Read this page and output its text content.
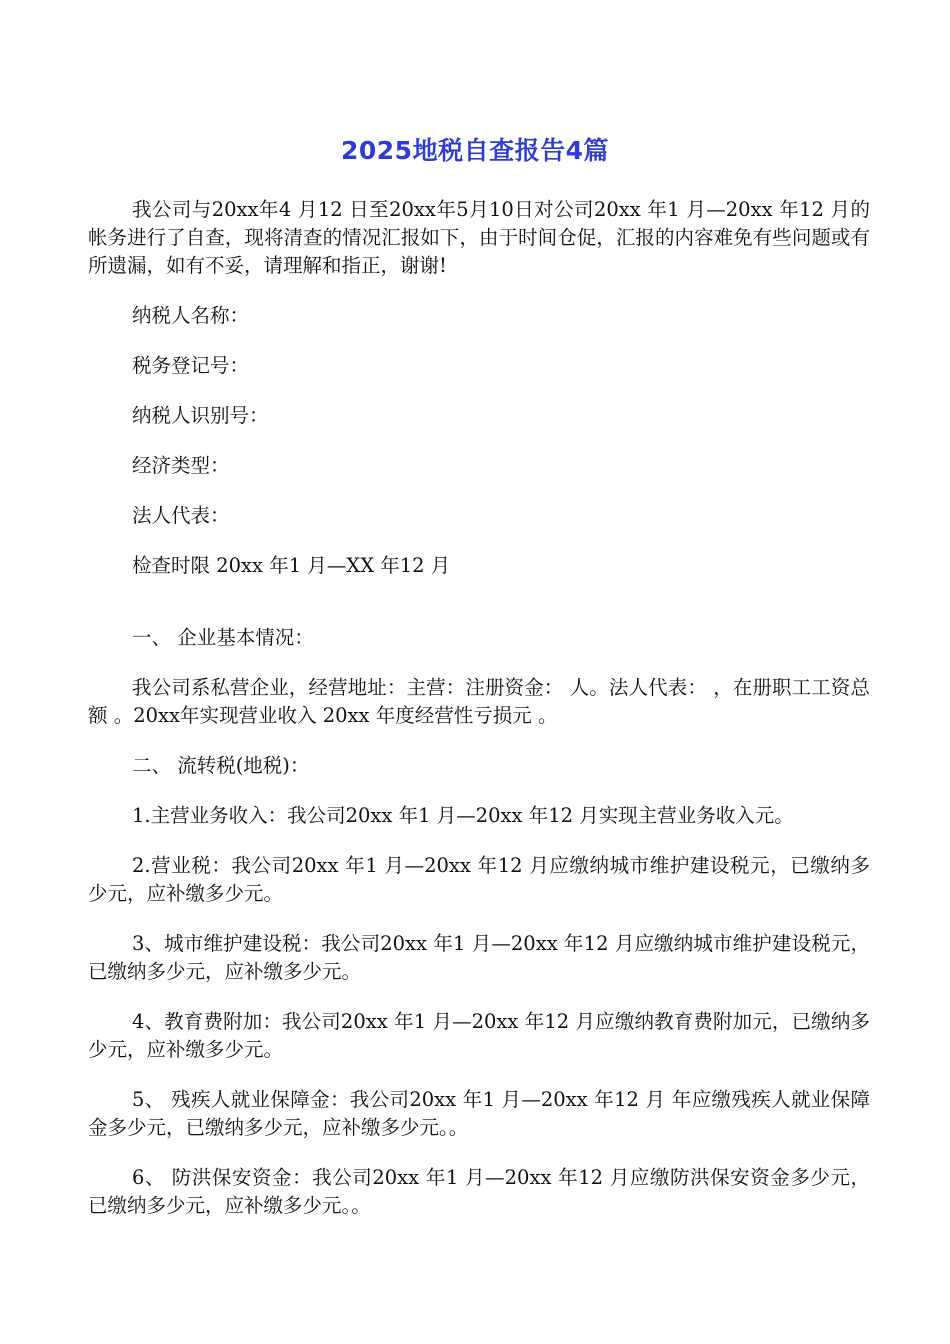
2025地税自查报告4篇

我公司与20xx年4 月12 日至20xx年5月10日对公司20xx 年1 月—20xx 年12 月的帐务进行了自查，现将清查的情况汇报如下，由于时间仓促，汇报的内容难免有些问题或有所遗漏，如有不妥，请理解和指正，谢谢!

纳税人名称：

税务登记号：

纳税人识别号：

经济类型：

法人代表：

检查时限 20xx 年1 月—XX 年12 月

一、 企业基本情况：

我公司系私营企业，经营地址：主营：注册资金： 人。法人代表： ，在册职工工资总额 。20xx年实现营业收入 20xx 年度经营性亏损元 。

二、 流转税(地税)：

1.主营业务收入：我公司20xx 年1 月—20xx 年12 月实现主营业务收入元。

2.营业税：我公司20xx 年1 月—20xx 年12 月应缴纳城市维护建设税元，已缴纳多少元，应补缴多少元。

3、城市维护建设税：我公司20xx 年1 月—20xx 年12 月应缴纳城市维护建设税元，已缴纳多少元，应补缴多少元。

4、教育费附加：我公司20xx 年1 月—20xx 年12 月应缴纳教育费附加元，已缴纳多少元，应补缴多少元。

5、 残疾人就业保障金：我公司20xx 年1 月—20xx 年12 月 年应缴残疾人就业保障金多少元，已缴纳多少元，应补缴多少元。。

6、 防洪保安资金：我公司20xx 年1 月—20xx 年12 月应缴防洪保安资金多少元，已缴纳多少元，应补缴多少元。。
